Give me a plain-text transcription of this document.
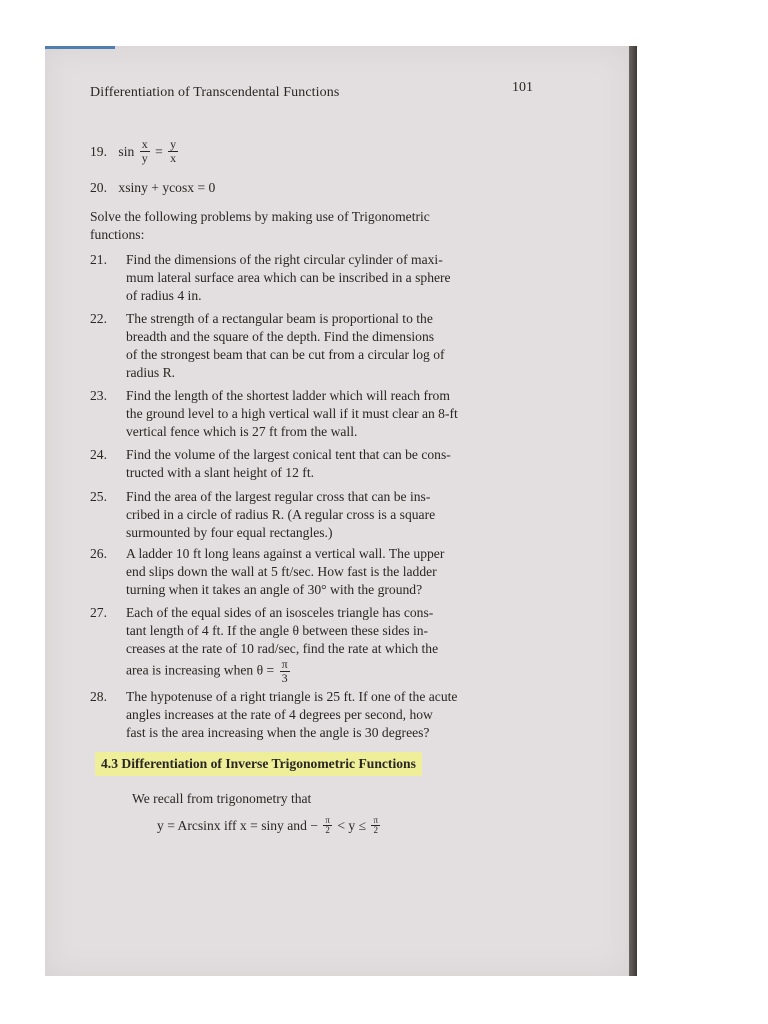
Differentiation of Transcendental Functions	101
19. $\sin \frac{x}{y} = \frac{y}{x}$
20. xsiny + ycosx = 0
Solve the following problems by making use of Trigonometric
functions:
21. Find the dimensions of the right circular cylinder of maxi-
mum lateral surface area which can be inscribed in a sphere
of radius 4 in.
22. The strength of a rectangular beam is proportional to the
breadth and the square of the depth. Find the dimensions
of the strongest beam that can be cut from a circular log of
radius R.
23. Find the length of the shortest ladder which will reach from
the ground level to a high vertical wall if it must clear an 8-ft
vertical fence which is 27 ft from the wall.
24. Find the volume of the largest conical tent that can be cons-
tructed with a slant height of 12 ft.
25. Find the area of the largest regular cross that can be ins-
cribed in a circle of radius R. (A regular cross is a square
surmounted by four equal rectangles.)
26. A ladder 10 ft long leans against a vertical wall. The upper
end slips down the wall at 5 ft/sec. How fast is the ladder
turning when it takes an angle of 30° with the ground?
27. Each of the equal sides of an isosceles triangle has cons-
tant length of 4 ft. If the angle θ between these sides in-
creases at the rate of 10 rad/sec, find the rate at which the
area is increasing when $\theta = \frac{\pi}{3}$
28. The hypotenuse of a right triangle is 25 ft. If one of the acute
angles increases at the rate of 4 degrees per second, how
fast is the area increasing when the angle is 30 degrees?
4.3 Differentiation of Inverse Trigonometric Functions
We recall from trigonometry that
y = Arcsinx iff x = siny and − $\frac{\pi}{2} < y \le \frac{\pi}{2}$
